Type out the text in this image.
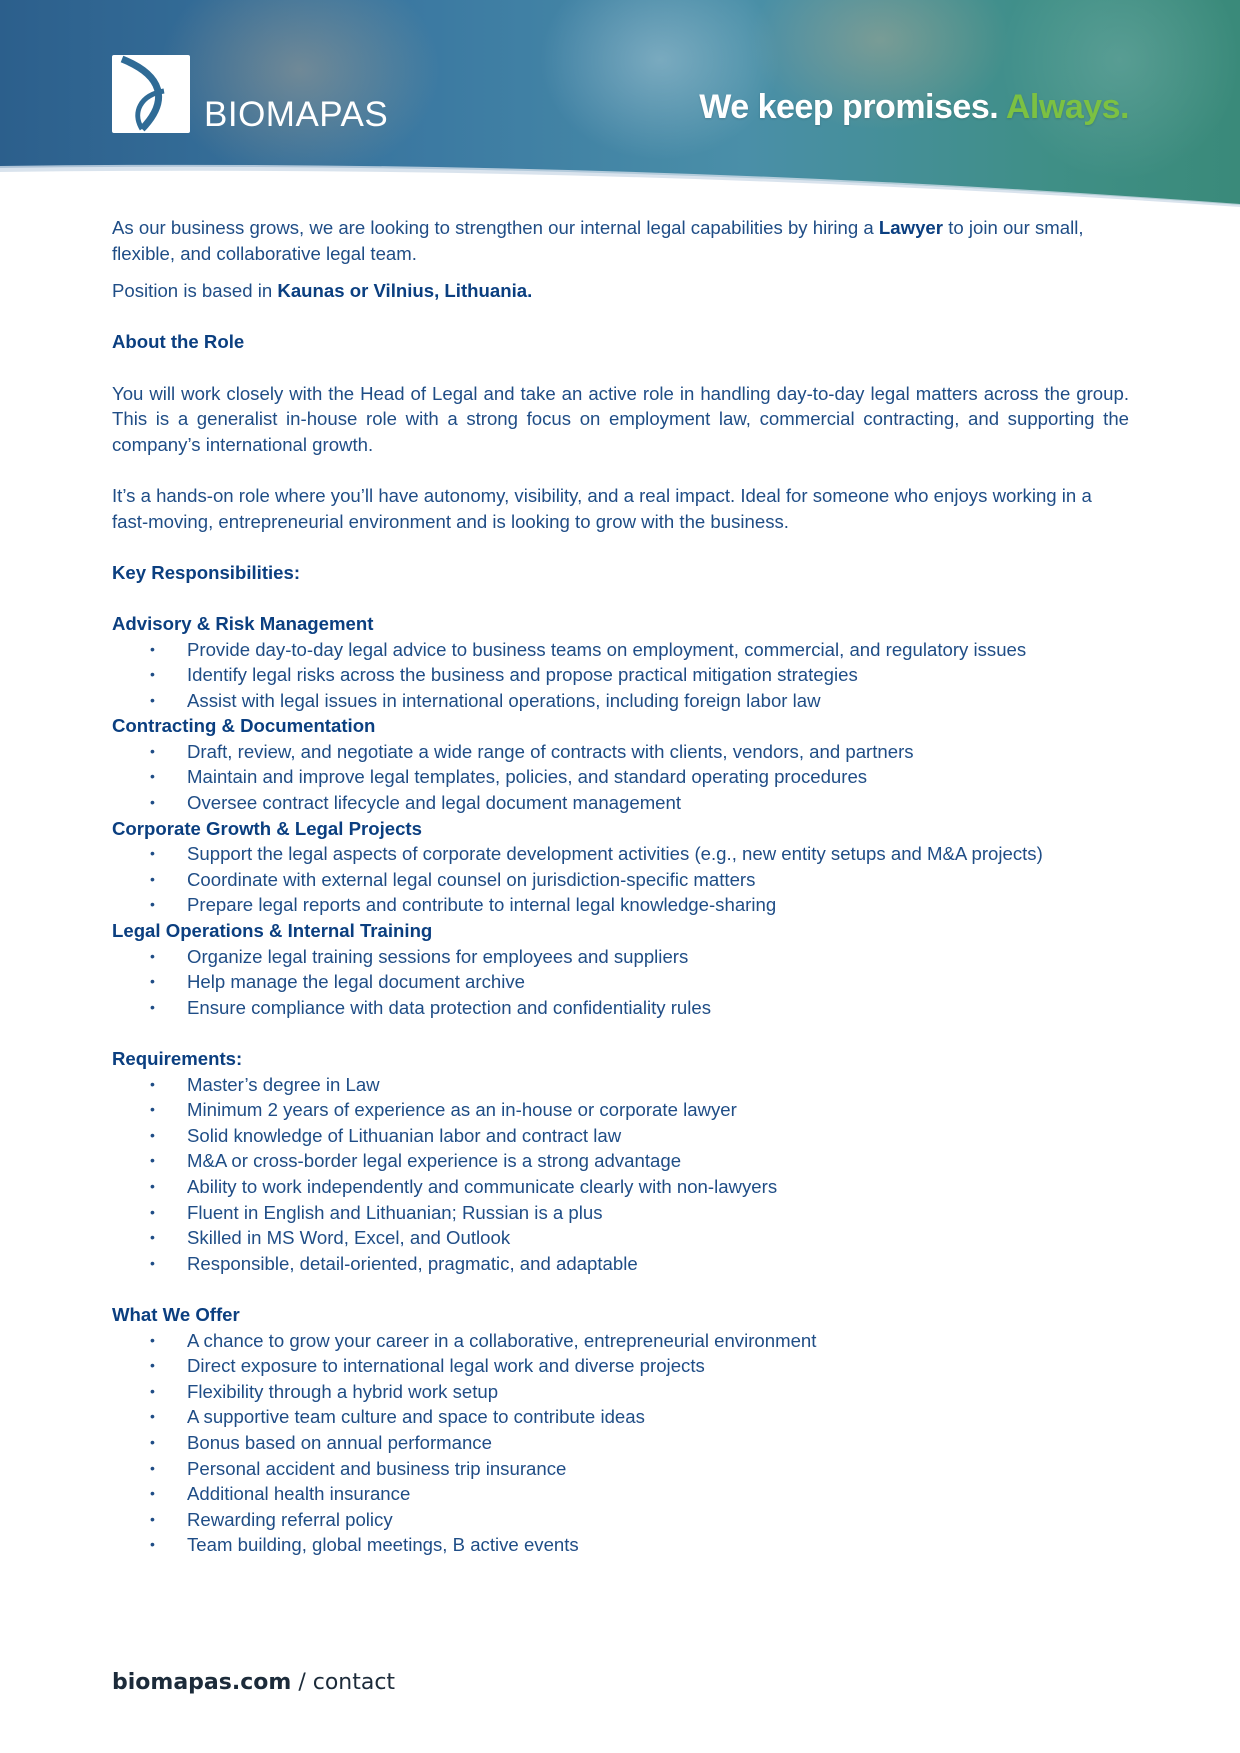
BIOMAPAS	We keep promises. Always.

As our business grows, we are looking to strengthen our internal legal capabilities by hiring a Lawyer to join our small, flexible, and collaborative legal team.

Position is based in Kaunas or Vilnius, Lithuania.

About the Role

You will work closely with the Head of Legal and take an active role in handling day-to-day legal matters across the group. This is a generalist in-house role with a strong focus on employment law, commercial contracting, and supporting the company’s international growth.

It’s a hands-on role where you’ll have autonomy, visibility, and a real impact. Ideal for someone who enjoys working in a fast-moving, entrepreneurial environment and is looking to grow with the business.

Key Responsibilities:

Advisory & Risk Management

• Provide day-to-day legal advice to business teams on employment, commercial, and regulatory issues
• Identify legal risks across the business and propose practical mitigation strategies
• Assist with legal issues in international operations, including foreign labor law

Contracting & Documentation

• Draft, review, and negotiate a wide range of contracts with clients, vendors, and partners
• Maintain and improve legal templates, policies, and standard operating procedures
• Oversee contract lifecycle and legal document management

Corporate Growth & Legal Projects

• Support the legal aspects of corporate development activities (e.g., new entity setups and M&A projects)
• Coordinate with external legal counsel on jurisdiction-specific matters
• Prepare legal reports and contribute to internal legal knowledge-sharing

Legal Operations & Internal Training

• Organize legal training sessions for employees and suppliers
• Help manage the legal document archive
• Ensure compliance with data protection and confidentiality rules

Requirements:

• Master’s degree in Law
• Minimum 2 years of experience as an in-house or corporate lawyer
• Solid knowledge of Lithuanian labor and contract law
• M&A or cross-border legal experience is a strong advantage
• Ability to work independently and communicate clearly with non-lawyers
• Fluent in English and Lithuanian; Russian is a plus
• Skilled in MS Word, Excel, and Outlook
• Responsible, detail-oriented, pragmatic, and adaptable

What We Offer

• A chance to grow your career in a collaborative, entrepreneurial environment
• Direct exposure to international legal work and diverse projects
• Flexibility through a hybrid work setup
• A supportive team culture and space to contribute ideas
• Bonus based on annual performance
• Personal accident and business trip insurance
• Additional health insurance
• Rewarding referral policy
• Team building, global meetings, B active events
biomapas.com / contact
